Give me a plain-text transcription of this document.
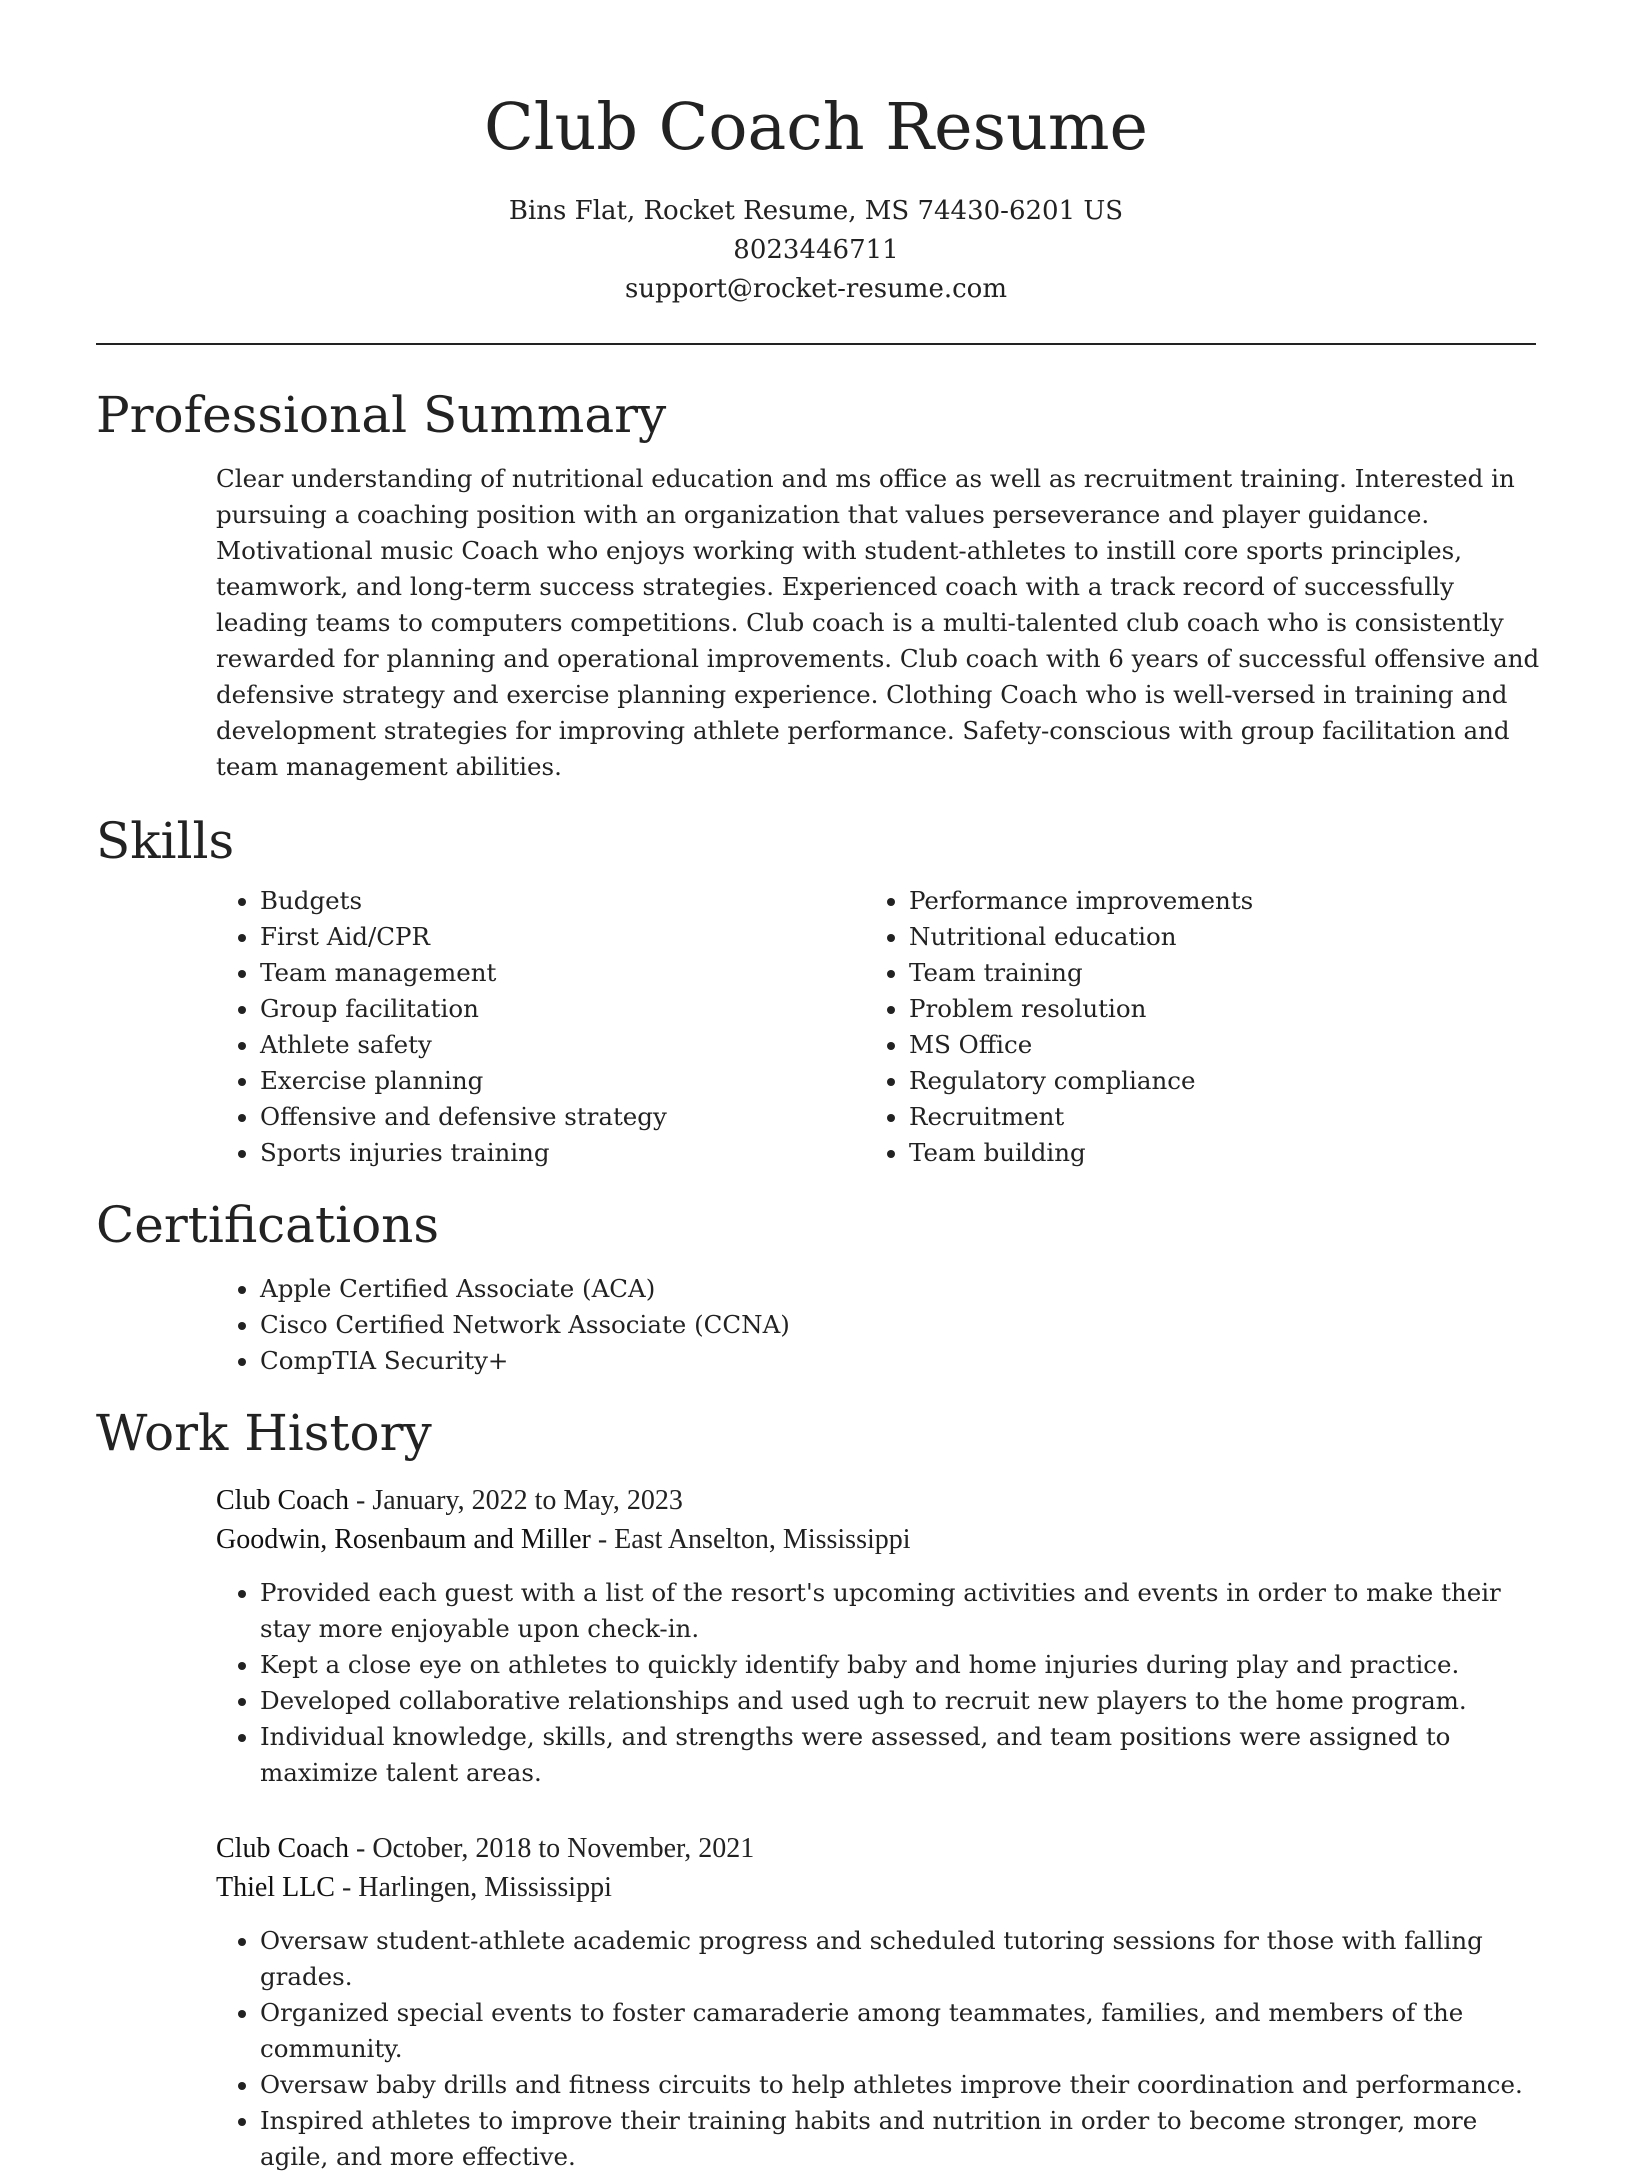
Club Coach Resume

Bins Flat, Rocket Resume, MS 74430-6201 US

8023446711

support@rocket-resume.com

Professional Summary

Clear understanding of nutritional education and ms office as well as recruitment training. Interested in pursuing a coaching position with an organization that values perseverance and player guidance. Motivational music Coach who enjoys working with student-athletes to instill core sports principles, teamwork, and long-term success strategies. Experienced coach with a track record of successfully leading teams to computers competitions. Club coach is a multi-talented club coach who is consistently rewarded for planning and operational improvements. Club coach with 6 years of successful offensive and defensive strategy and exercise planning experience. Clothing Coach who is well-versed in training and development strategies for improving athlete performance. Safety-conscious with group facilitation and team management abilities.

Skills
• Budgets
• First Aid/CPR
• Team management
• Group facilitation
• Athlete safety
• Exercise planning
• Offensive and defensive strategy
• Sports injuries training
• Performance improvements
• Nutritional education
• Team training
• Problem resolution
• MS Office
• Regulatory compliance
• Recruitment
• Team building
Certifications
• Apple Certified Associate (ACA)
• Cisco Certified Network Associate (CCNA)
• CompTIA Security+
Work History
Club Coach - January, 2022 to May, 2023
Goodwin, Rosenbaum and Miller - East Anselton, Mississippi
• Provided each guest with a list of the resort's upcoming activities and events in order to make their stay more enjoyable upon check-in.
• Kept a close eye on athletes to quickly identify baby and home injuries during play and practice.
• Developed collaborative relationships and used ugh to recruit new players to the home program.
• Individual knowledge, skills, and strengths were assessed, and team positions were assigned to maximize talent areas.
Club Coach - October, 2018 to November, 2021
Thiel LLC - Harlingen, Mississippi
• Oversaw student-athlete academic progress and scheduled tutoring sessions for those with falling grades.
• Organized special events to foster camaraderie among teammates, families, and members of the community.
• Oversaw baby drills and fitness circuits to help athletes improve their coordination and performance.
• Inspired athletes to improve their training habits and nutrition in order to become stronger, more agile, and more effective.
